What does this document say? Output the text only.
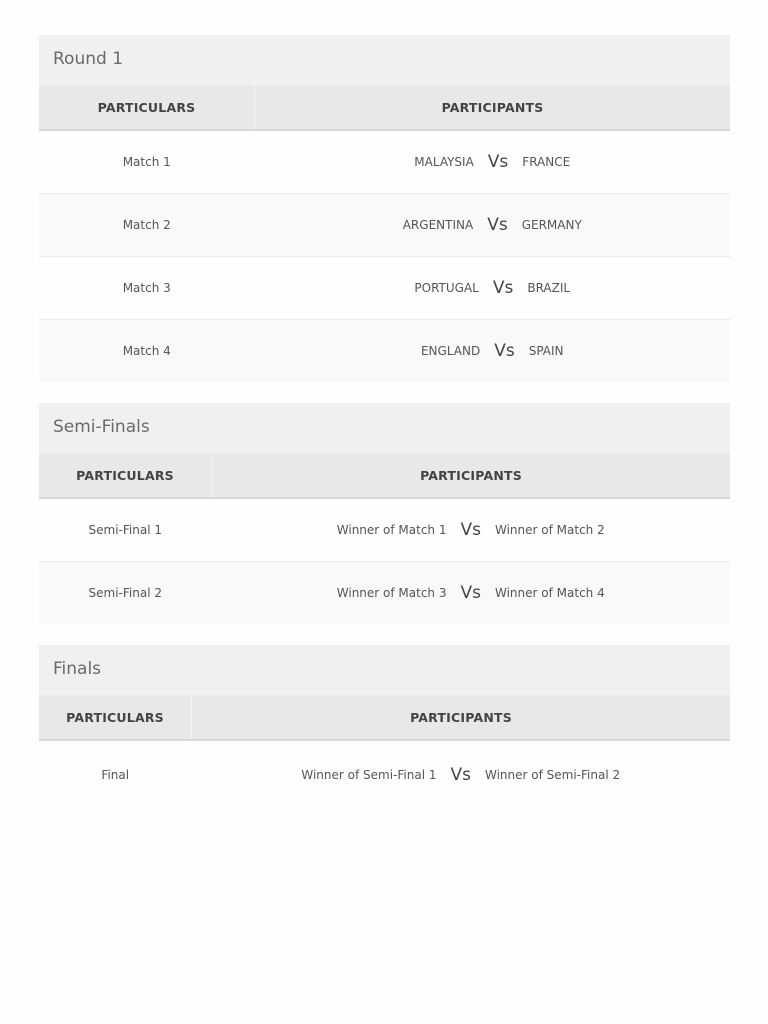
Round 1
PARTICULARS	PARTICIPANTS
Match 1	MALAYSIA Vs FRANCE

Match 2	ARGENTINA Vs GERMANY

Match 3	PORTUGAL Vs BRAZIL

Match 4	ENGLAND Vs SPAIN
Semi-Finals
PARTICULARS	PARTICIPANTS
Semi-Final 1	Winner of Match 1 Vs Winner of Match 2

Semi-Final 2	Winner of Match 3 Vs Winner of Match 4
Finals
PARTICULARS	PARTICIPANTS
Final	Winner of Semi-Final 1 Vs Winner of Semi-Final 2
